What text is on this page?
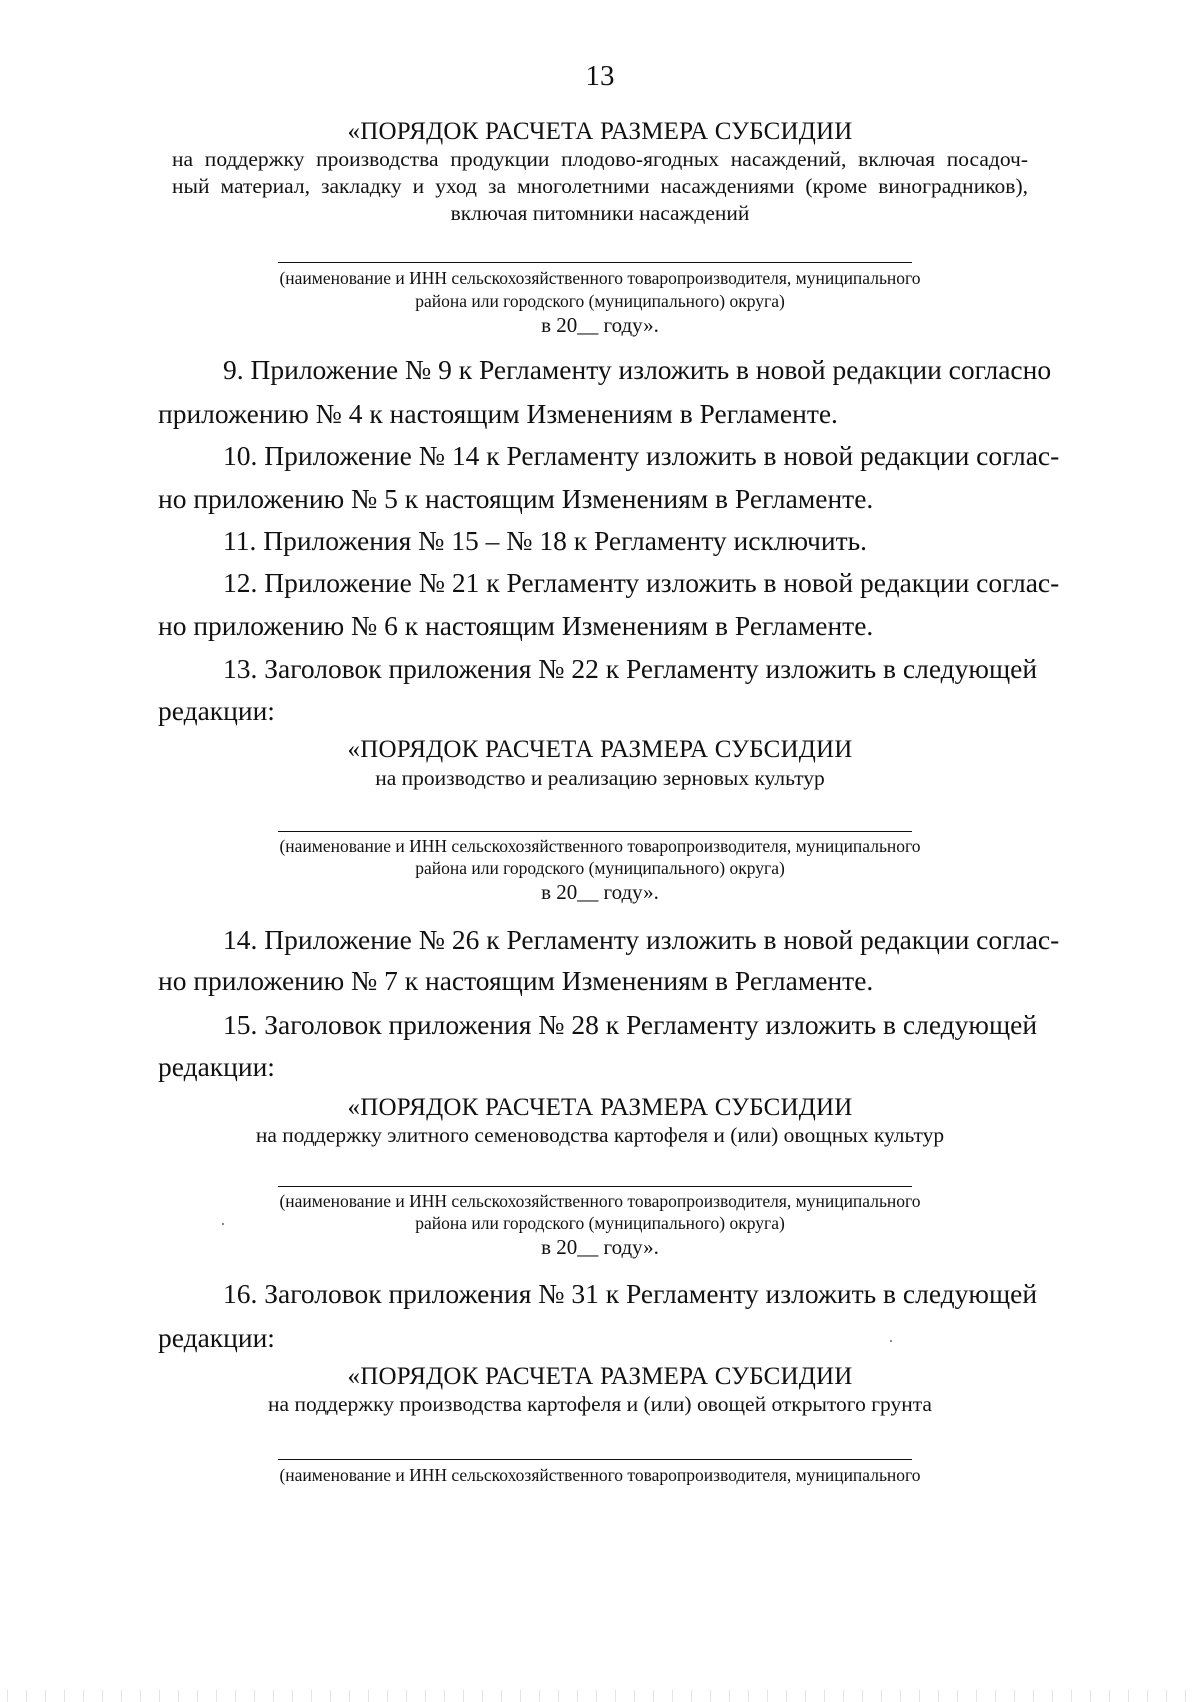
13
«ПОРЯДОК РАСЧЕТА РАЗМЕРА СУБСИДИИ
на поддержку производства продукции плодово-ягодных насаждений, включая посадоч-
ный материал, закладку и уход за многолетними насаждениями (кроме виноградников),
включая питомники насаждений
(наименование и ИНН сельскохозяйственного товаропроизводителя, муниципального
района или городского (муниципального) округа)
в 20__ году».
9. Приложение № 9 к Регламенту изложить в новой редакции согласно
приложению № 4 к настоящим Изменениям в Регламенте.
10. Приложение № 14 к Регламенту изложить в новой редакции соглас-
но приложению № 5 к настоящим Изменениям в Регламенте.
11. Приложения № 15 – № 18 к Регламенту исключить.
12. Приложение № 21 к Регламенту изложить в новой редакции соглас-
но приложению № 6 к настоящим Изменениям в Регламенте.
13. Заголовок приложения № 22 к Регламенту изложить в следующей
редакции:
«ПОРЯДОК РАСЧЕТА РАЗМЕРА СУБСИДИИ
на производство и реализацию зерновых культур
(наименование и ИНН сельскохозяйственного товаропроизводителя, муниципального
района или городского (муниципального) округа)
в 20__ году».
14. Приложение № 26 к Регламенту изложить в новой редакции соглас-
но приложению № 7 к настоящим Изменениям в Регламенте.
15. Заголовок приложения № 28 к Регламенту изложить в следующей
редакции:
«ПОРЯДОК РАСЧЕТА РАЗМЕРА СУБСИДИИ
на поддержку элитного семеноводства картофеля и (или) овощных культур
(наименование и ИНН сельскохозяйственного товаропроизводителя, муниципального
района или городского (муниципального) округа)
в 20__ году».
16. Заголовок приложения № 31 к Регламенту изложить в следующей
редакции:
«ПОРЯДОК РАСЧЕТА РАЗМЕРА СУБСИДИИ
на поддержку производства картофеля и (или) овощей открытого грунта
(наименование и ИНН сельскохозяйственного товаропроизводителя, муниципального
